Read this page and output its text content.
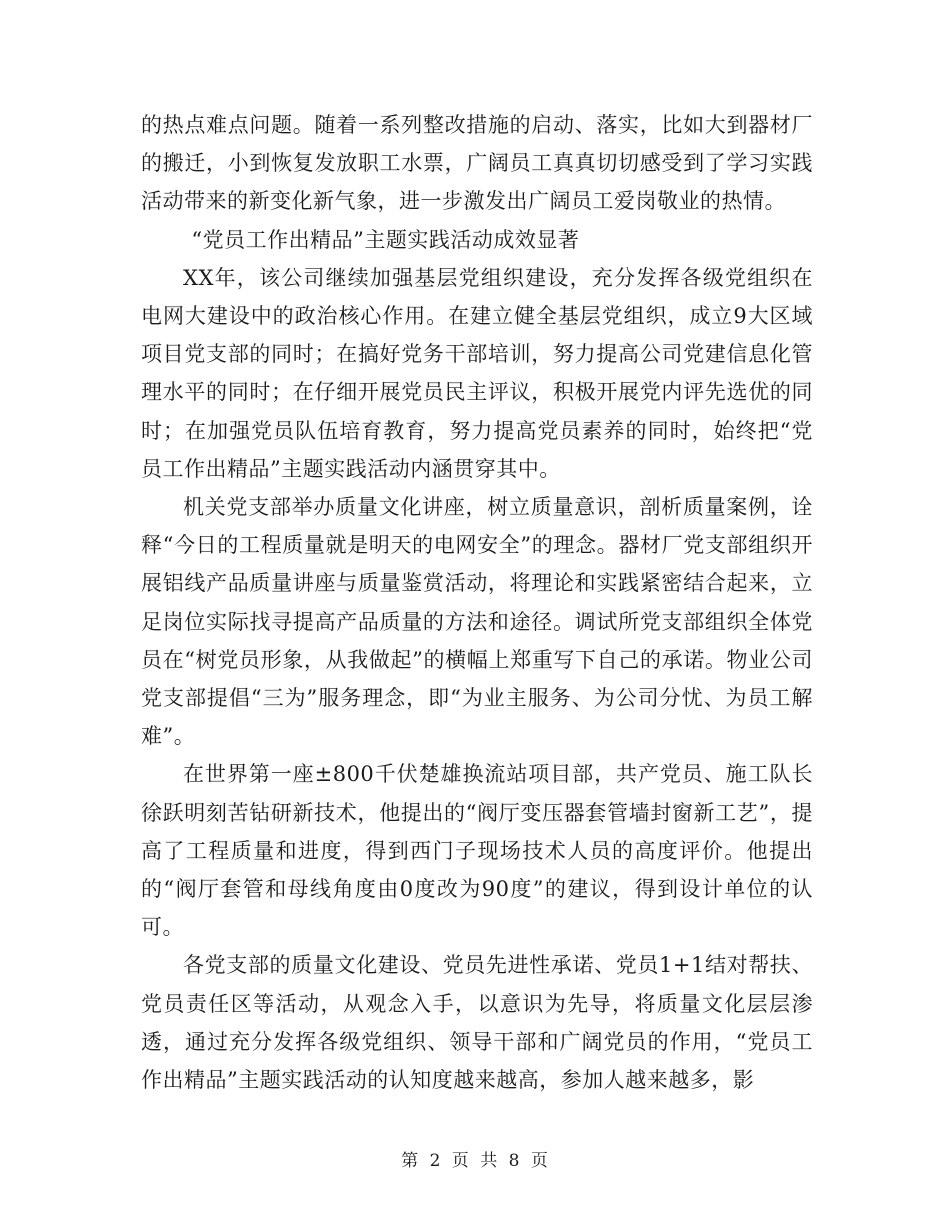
的热点难点问题。随着一系列整改措施的启动、落实，比如大到器材厂的搬迁，小到恢复发放职工水票，广阔员工真真切切感受到了学习实践活动带来的新变化新气象，进一步激发出广阔员工爱岗敬业的热情。

“党员工作出精品”主题实践活动成效显著

XX年，该公司继续加强基层党组织建设，充分发挥各级党组织在电网大建设中的政治核心作用。在建立健全基层党组织，成立9大区域项目党支部的同时；在搞好党务干部培训，努力提高公司党建信息化管理水平的同时；在仔细开展党员民主评议，积极开展党内评先选优的同时；在加强党员队伍培育教育，努力提高党员素养的同时，始终把“党员工作出精品”主题实践活动内涵贯穿其中。

机关党支部举办质量文化讲座，树立质量意识，剖析质量案例，诠释“今日的工程质量就是明天的电网安全”的理念。器材厂党支部组织开展铝线产品质量讲座与质量鉴赏活动，将理论和实践紧密结合起来，立足岗位实际找寻提高产品质量的方法和途径。调试所党支部组织全体党员在“树党员形象，从我做起”的横幅上郑重写下自己的承诺。物业公司党支部提倡“三为”服务理念，即“为业主服务、为公司分忧、为员工解难”。

在世界第一座±800千伏楚雄换流站项目部，共产党员、施工队长徐跃明刻苦钻研新技术，他提出的“阀厅变压器套管墙封窗新工艺”，提高了工程质量和进度，得到西门子现场技术人员的高度评价。他提出的“阀厅套管和母线角度由0度改为90度”的建议，得到设计单位的认可。

各党支部的质量文化建设、党员先进性承诺、党员1+1结对帮扶、党员责任区等活动，从观念入手，以意识为先导，将质量文化层层渗透，通过充分发挥各级党组织、领导干部和广阔党员的作用，“党员工作出精品”主题实践活动的认知度越来越高，参加人越来越多，影

第 2 页 共 8 页
